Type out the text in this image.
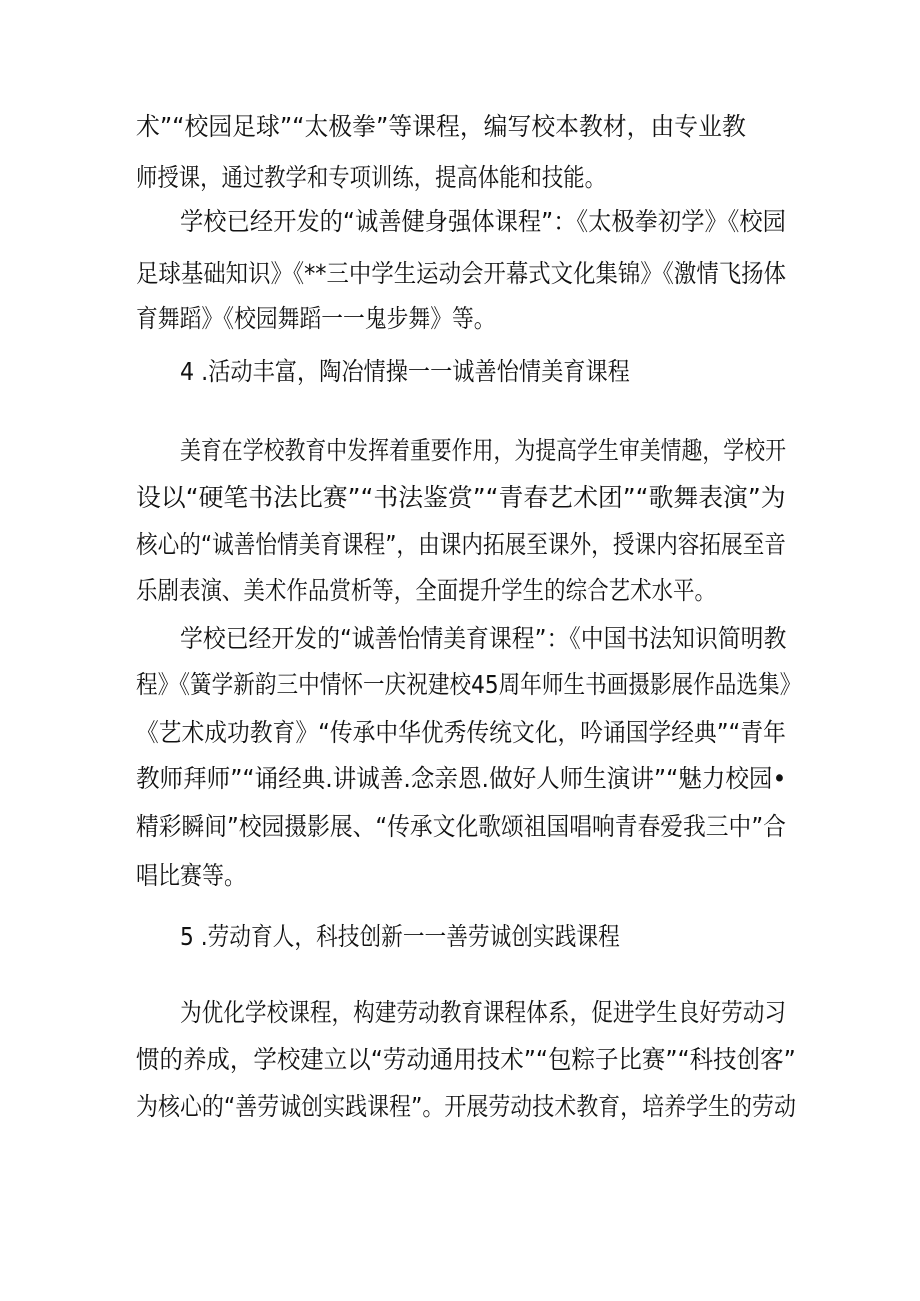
术”“校园足球”“太极拳”等课程，编写校本教材，由专业教
师授课，通过教学和专项训练，提高体能和技能。
学校已经开发的“诚善健身强体课程”：《太极拳初学》《校园
足球基础知识》《**三中学生运动会开幕式文化集锦》《激情飞扬体
育舞蹈》《校园舞蹈一一鬼步舞》等。
4 .活动丰富，陶冶情操一一诚善怡情美育课程
美育在学校教育中发挥着重要作用，为提高学生审美情趣，学校开
设以“硬笔书法比赛”“书法鉴赏”“青春艺术团”“歌舞表演”为
核心的“诚善怡情美育课程”，由课内拓展至课外，授课内容拓展至音
乐剧表演、美术作品赏析等，全面提升学生的综合艺术水平。
学校已经开发的“诚善怡情美育课程”：《中国书法知识简明教
程》《簧学新韵三中情怀一庆祝建校45周年师生书画摄影展作品选集》
《艺术成功教育》“传承中华优秀传统文化，吟诵国学经典”“青年
教师拜师”“诵经典.讲诚善.念亲恩.做好人师生演讲”“魅力校园•
精彩瞬间”校园摄影展、“传承文化歌颂祖国唱响青春爱我三中”合
唱比赛等。
5 .劳动育人，科技创新一一善劳诚创实践课程
为优化学校课程，构建劳动教育课程体系，促进学生良好劳动习
惯的养成，学校建立以“劳动通用技术”“包粽子比赛”“科技创客”
为核心的“善劳诚创实践课程”。开展劳动技术教育，培养学生的劳动
